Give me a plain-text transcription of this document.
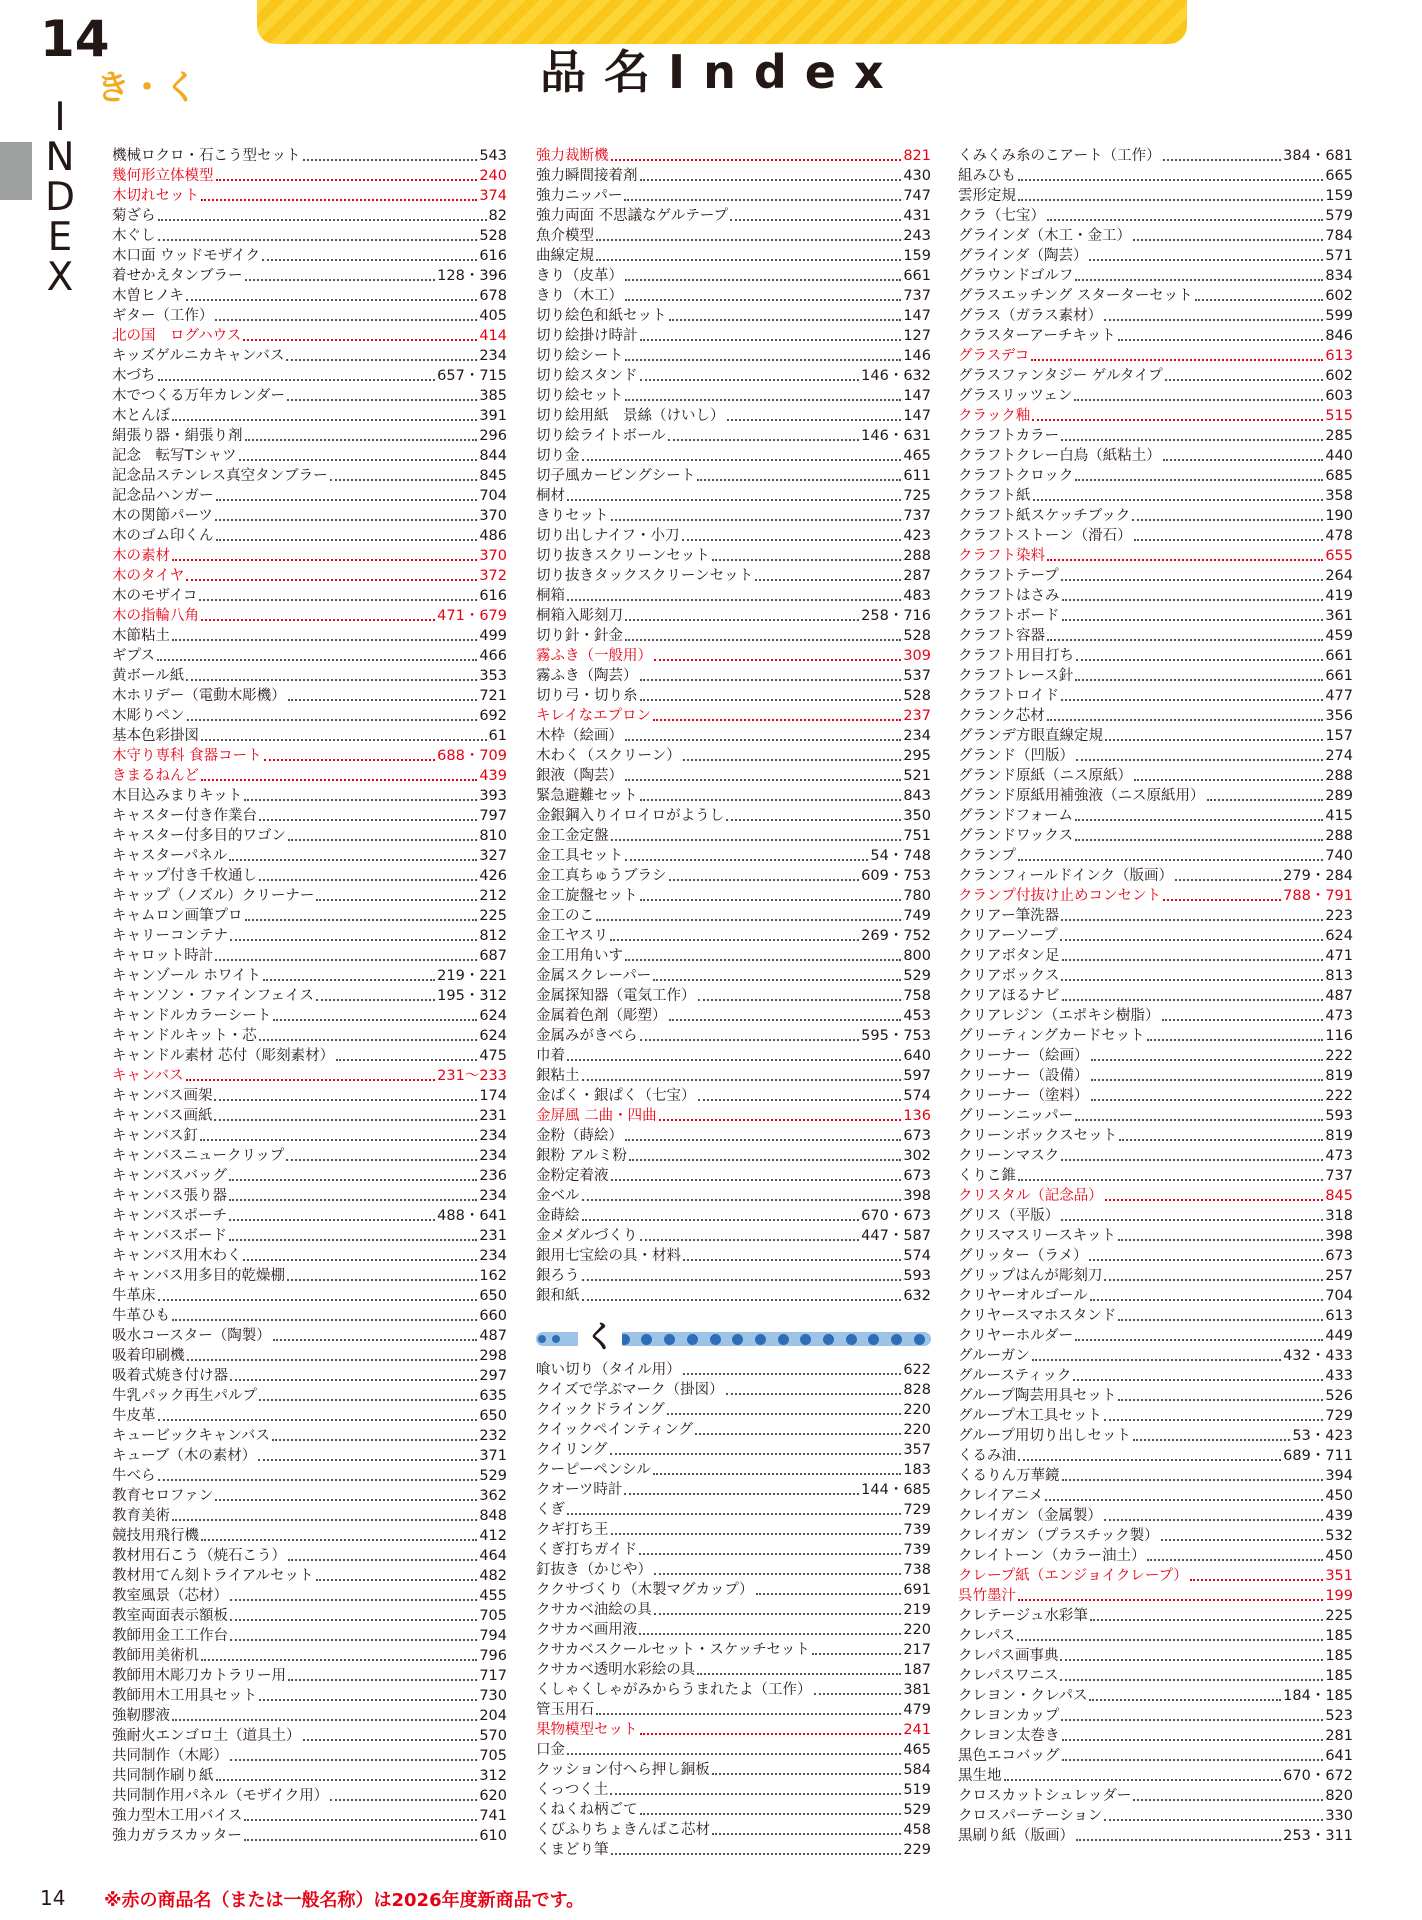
14
き・く
I
N
D
E
X
品名Index
機械ロクロ・石こう型セット	543
幾何形立体模型	240
木切れセット	374
菊ざら	82
木ぐし	528
木口面 ウッドモザイク	616
着せかえタンブラー	128・396
木曽ヒノキ	678
ギター（工作）	405
北の国　ログハウス	414
キッズゲルニカキャンバス	234
木づち	657・715
木でつくる万年カレンダー	385
木とんぼ	391
絹張り器・絹張り剤	296
記念　転写Tシャツ	844
記念品ステンレス真空タンブラー	845
記念品ハンガー	704
木の関節パーツ	370
木のゴム印くん	486
木の素材	370
木のタイヤ	372
木のモザイコ	616
木の指輪八角	471・679
木節粘土	499
ギプス	466
黄ボール紙	353
木ホリデー（電動木彫機）	721
木彫りペン	692
基本色彩掛図	61
木守り専科 食器コート	688・709
きまるねんど	439
木目込みまりキット	393
キャスター付き作業台	797
キャスター付多目的ワゴン	810
キャスターパネル	327
キャップ付き千枚通し	426
キャップ（ノズル）クリーナー	212
キャムロン画筆プロ	225
キャリーコンテナ	812
キャロット時計	687
キャンゾール ホワイト	219・221
キャンソン・ファインフェイス	195・312
キャンドルカラーシート	624
キャンドルキット・芯	624
キャンドル素材 芯付（彫刻素材）	475
キャンバス	231～233
キャンバス画架	174
キャンバス画紙	231
キャンバス釘	234
キャンバスニュークリップ	234
キャンバスバッグ	236
キャンバス張り器	234
キャンバスポーチ	488・641
キャンバスボード	231
キャンバス用木わく	234
キャンバス用多目的乾燥棚	162
牛革床	650
牛革ひも	660
吸水コースター（陶製）	487
吸着印刷機	298
吸着式焼き付け器	297
牛乳パック再生パルプ	635
牛皮革	650
キュービックキャンバス	232
キューブ（木の素材）	371
牛べら	529
教育セロファン	362
教育美術	848
競技用飛行機	412
教材用石こう（焼石こう）	464
教材用てん刻トライアルセット	482
教室風景（芯材）	455
教室両面表示額板	705
教師用金工工作台	794
教師用美術机	796
教師用木彫刀カトラリー用	717
教師用木工用具セット	730
強靭膠液	204
強耐火エンゴロ土（道具土）	570
共同制作（木彫）	705
共同制作刷り紙	312
共同制作用パネル（モザイク用）	620
強力型木工用バイス	741
強力ガラスカッター	610
強力裁断機	821
強力瞬間接着剤	430
強力ニッパー	747
強力両面 不思議なゲルテープ	431
魚介模型	243
曲線定規	159
きり（皮革）	661
きり（木工）	737
切り絵色和紙セット	147
切り絵掛け時計	127
切り絵シート	146
切り絵スタンド	146・632
切り絵セット	147
切り絵用紙　景絲（けいし）	147
切り絵ライトボール	146・631
切り金	465
切子風カービングシート	611
桐材	725
きりセット	737
切り出しナイフ・小刀	423
切り抜きスクリーンセット	288
切り抜きタックスクリーンセット	287
桐箱	483
桐箱入彫刻刀	258・716
切り針・針金	528
霧ふき（一般用）	309
霧ふき（陶芸）	537
切り弓・切り糸	528
キレイなエプロン	237
木枠（絵画）	234
木わく（スクリーン）	295
銀液（陶芸）	521
緊急避難セット	843
金銀鋼入りイロイロがようし	350
金工金定盤	751
金工具セット	54・748
金工真ちゅうブラシ	609・753
金工旋盤セット	780
金工のこ	749
金工ヤスリ	269・752
金工用角いす	800
金属スクレーパー	529
金属探知器（電気工作）	758
金属着色剤（彫塑）	453
金属みがきべら	595・753
巾着	640
銀粘土	597
金ぱく・銀ぱく（七宝）	574
金屏風 二曲・四曲	136
金粉（蒔絵）	673
銀粉 アルミ粉	302
金粉定着液	673
金ベル	398
金蒔絵	670・673
金メダルづくり	447・587
銀用七宝絵の具・材料	574
銀ろう	593
銀和紙	632
く
喰い切り（タイル用）	622
クイズで学ぶマーク（掛図）	828
クイックドライング	220
クイックペインティング	220
クイリング	357
クーピーペンシル	183
クオーツ時計	144・685
くぎ	729
クギ打ち王	739
くぎ打ちガイド	739
釘抜き（かじや）	738
ククサづくり（木製マグカップ）	691
クサカベ油絵の具	219
クサカベ画用液	220
クサカベスクールセット・スケッチセット	217
クサカベ透明水彩絵の具	187
くしゃくしゃがみからうまれたよ（工作）	381
管玉用石	479
果物模型セット	241
口金	465
クッション付へら押し銅板	584
くっつく土	519
くねくね柄ごて	529
くびふりちょきんばこ芯材	458
くまどり筆	229
くみくみ糸のこアート（工作）	384・681
組みひも	665
雲形定規	159
クラ（七宝）	579
グラインダ（木工・金工）	784
グラインダ（陶芸）	571
グラウンドゴルフ	834
グラスエッチング スターターセット	602
グラス（ガラス素材）	599
クラスターアーチキット	846
グラスデコ	613
グラスファンタジー ゲルタイプ	602
グラスリッツェン	603
クラック釉	515
クラフトカラー	285
クラフトクレー白鳥（紙粘土）	440
クラフトクロック	685
クラフト紙	358
クラフト紙スケッチブック	190
クラフトストーン（滑石）	478
クラフト染料	655
クラフトテープ	264
クラフトはさみ	419
クラフトボード	361
クラフト容器	459
クラフト用目打ち	661
クラフトレース針	661
クラフトロイド	477
クランク芯材	356
グランデ方眼直線定規	157
グランド（凹版）	274
グランド原紙（ニス原紙）	288
グランド原紙用補強液（ニス原紙用）	289
グランドフォーム	415
グランドワックス	288
クランプ	740
クランフィールドインク（版画）	279・284
クランプ付抜け止めコンセント	788・791
クリアー筆洗器	223
クリアーソープ	624
クリアボタン足	471
クリアボックス	813
クリアほるナビ	487
クリアレジン（エポキシ樹脂）	473
グリーティングカードセット	116
クリーナー（絵画）	222
クリーナー（設備）	819
クリーナー（塗料）	222
グリーンニッパー	593
クリーンボックスセット	819
クリーンマスク	473
くりこ錐	737
クリスタル（記念品）	845
グリス（平版）	318
クリスマスリースキット	398
グリッター（ラメ）	673
グリップはんが彫刻刀	257
クリヤーオルゴール	704
クリヤースマホスタンド	613
クリヤーホルダー	449
グルーガン	432・433
グルースティック	433
グループ陶芸用具セット	526
グループ木工具セット	729
グループ用切り出しセット	53・423
くるみ油	689・711
くるりん万華鏡	394
クレイアニメ	450
クレイガン（金属製）	439
クレイガン（プラスチック製）	532
クレイトーン（カラー油土）	450
クレープ紙（エンジョイクレープ）	351
呉竹墨汁	199
クレテージュ水彩筆	225
クレパス	185
クレパス画事典	185
クレパスワニス	185
クレヨン・クレパス	184・185
クレヨンカップ	523
クレヨン太巻き	281
黒色エコバッグ	641
黒生地	670・672
クロスカットシュレッダー	820
クロスパーテーション	330
黒刷り紙（版画）	253・311
14 ※赤の商品名（または一般名称）は2026年度新商品です。
